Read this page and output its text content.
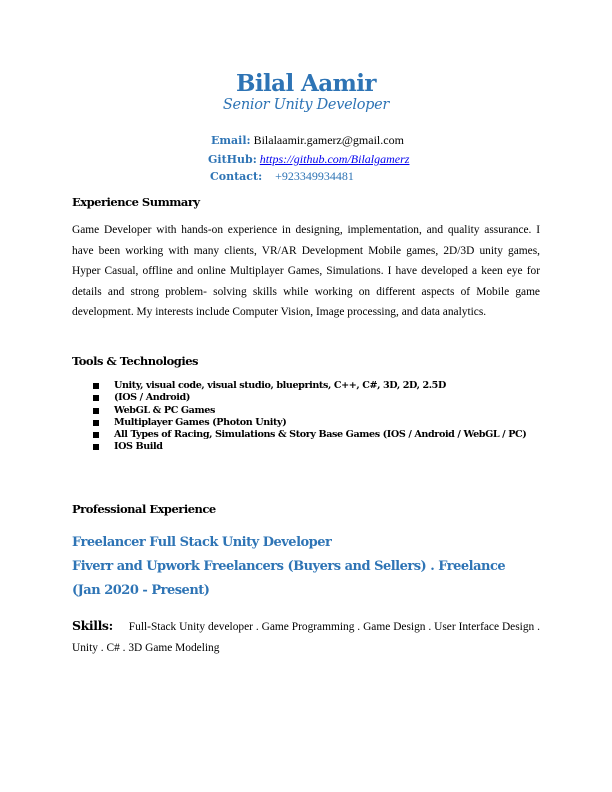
Bilal Aamir
Senior Unity Developer
Email: Bilalaamir.gamerz@gmail.com
GitHub: https://github.com/Bilalgamerz
Contact: +923349934481
Experience Summary
Game Developer with hands-on experience in designing, implementation, and quality assurance. I have been working with many clients, VR/AR Development Mobile games, 2D/3D unity games, Hyper Casual, offline and online Multiplayer Games, Simulations. I have developed a keen eye for details and strong problem- solving skills while working on different aspects of Mobile game development. My interests include Computer Vision, Image processing, and data analytics.
Tools & Technologies
Unity, visual code, visual studio, blueprints, C++, C#, 3D, 2D, 2.5D
(IOS / Android)
WebGL & PC Games
Multiplayer Games (Photon Unity)
All Types of Racing, Simulations & Story Base Games (IOS / Android / WebGL / PC)
IOS Build
Professional Experience
Freelancer Full Stack Unity Developer
Fiverr and Upwork Freelancers (Buyers and Sellers) . Freelance
(Jan 2020 - Present)
Skills: Full-Stack Unity developer . Game Programming . Game Design . User Interface Design . Unity . C# . 3D Game Modeling
